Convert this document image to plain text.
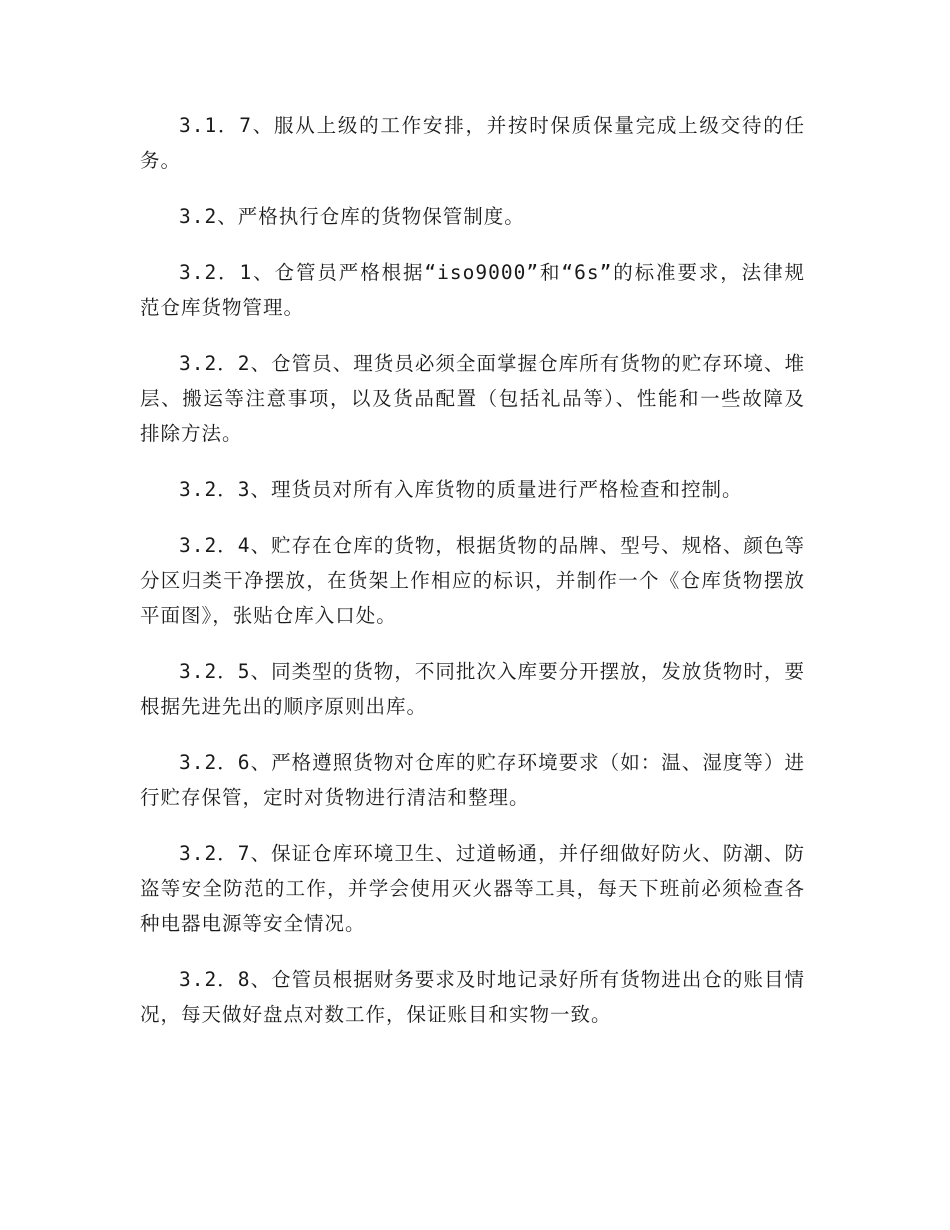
3.1．7、服从上级的工作安排，并按时保质保量完成上级交待的任务。

3.2、严格执行仓库的货物保管制度。

3.2．1、仓管员严格根据“iso9000”和“6s”的标准要求，法律规范仓库货物管理。

3.2．2、仓管员、理货员必须全面掌握仓库所有货物的贮存环境、堆层、搬运等注意事项，以及货品配置（包括礼品等）、性能和一些故障及排除方法。

3.2．3、理货员对所有入库货物的质量进行严格检查和控制。

3.2．4、贮存在仓库的货物，根据货物的品牌、型号、规格、颜色等分区归类干净摆放，在货架上作相应的标识，并制作一个《仓库货物摆放平面图》，张贴仓库入口处。

3.2．5、同类型的货物，不同批次入库要分开摆放，发放货物时，要根据先进先出的顺序原则出库。

3.2．6、严格遵照货物对仓库的贮存环境要求（如：温、湿度等）进行贮存保管，定时对货物进行清洁和整理。

3.2．7、保证仓库环境卫生、过道畅通，并仔细做好防火、防潮、防盗等安全防范的工作，并学会使用灭火器等工具，每天下班前必须检查各种电器电源等安全情况。

3.2．8、仓管员根据财务要求及时地记录好所有货物进出仓的账目情况，每天做好盘点对数工作，保证账目和实物一致。
